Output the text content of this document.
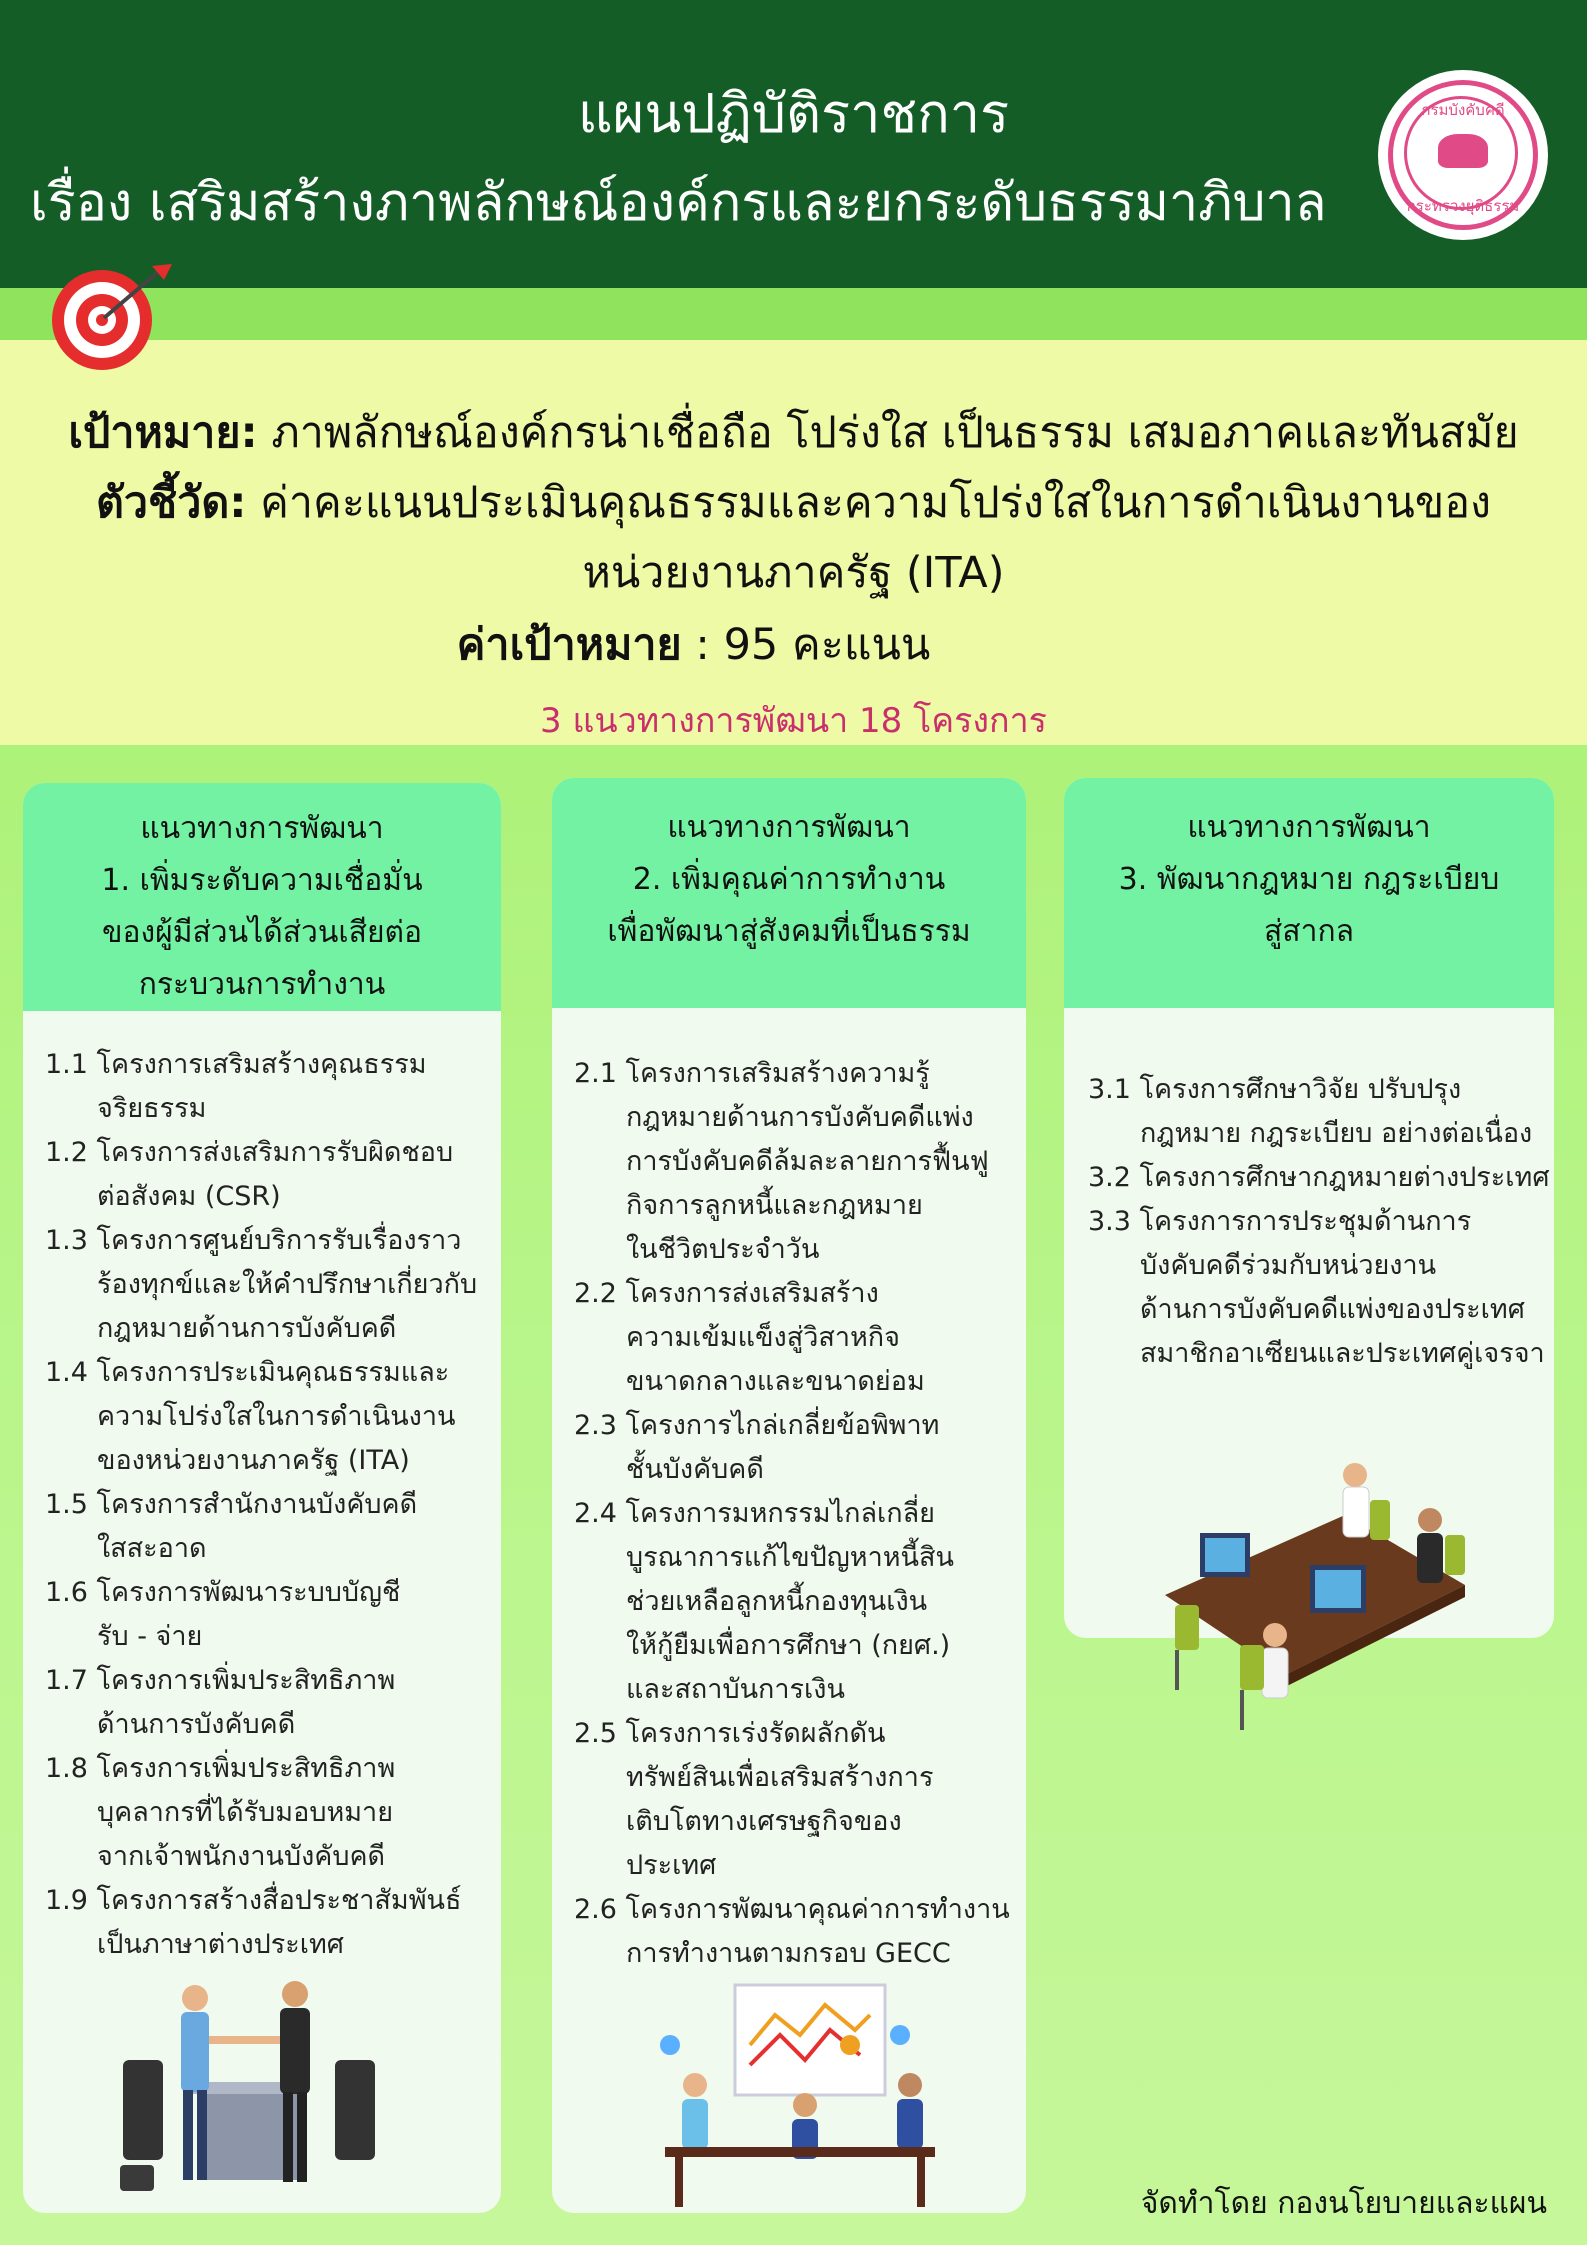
แผนปฏิบัติราชการ
เรื่อง เสริมสร้างภาพลักษณ์องค์กรและยกระดับธรรมาภิบาล
กรมบังคับคดี
กระทรวงยุติธรรม
เป้าหมาย: ภาพลักษณ์องค์กรน่าเชื่อถือ โปร่งใส เป็นธรรม เสมอภาคและทันสมัย
ตัวชี้วัด: ค่าคะแนนประเมินคุณธรรมและความโปร่งใสในการดำเนินงานของ
หน่วยงานภาครัฐ (ITA)
ค่าเป้าหมาย : 95 คะแนน
3 แนวทางการพัฒนา 18 โครงการ
แนวทางการพัฒนา
1. เพิ่มระดับความเชื่อมั่น
ของผู้มีส่วนได้ส่วนเสียต่อ
กระบวนการทำงาน
1.1 โครงการเสริมสร้างคุณธรรม
จริยธรรม
1.2 โครงการส่งเสริมการรับผิดชอบ
ต่อสังคม (CSR)
1.3 โครงการศูนย์บริการรับเรื่องราว
ร้องทุกข์และให้คำปรึกษาเกี่ยวกับ
กฎหมายด้านการบังคับคดี
1.4 โครงการประเมินคุณธรรมและ
ความโปร่งใสในการดำเนินงาน
ของหน่วยงานภาครัฐ (ITA)
1.5 โครงการสำนักงานบังคับคดี
ใสสะอาด
1.6 โครงการพัฒนาระบบบัญชี
รับ - จ่าย
1.7 โครงการเพิ่มประสิทธิภาพ
ด้านการบังคับคดี
1.8 โครงการเพิ่มประสิทธิภาพ
บุคลากรที่ได้รับมอบหมาย
จากเจ้าพนักงานบังคับคดี
1.9 โครงการสร้างสื่อประชาสัมพันธ์
เป็นภาษาต่างประเทศ
แนวทางการพัฒนา
2. เพิ่มคุณค่าการทำงาน
เพื่อพัฒนาสู่สังคมที่เป็นธรรม
2.1 โครงการเสริมสร้างความรู้
กฎหมายด้านการบังคับคดีแพ่ง
การบังคับคดีล้มละลายการฟื้นฟู
กิจการลูกหนี้และกฎหมาย
ในชีวิตประจำวัน
2.2 โครงการส่งเสริมสร้าง
ความเข้มแข็งสู่วิสาหกิจ
ขนาดกลางและขนาดย่อม
2.3 โครงการไกล่เกลี่ยข้อพิพาท
ชั้นบังคับคดี
2.4 โครงการมหกรรมไกล่เกลี่ย
บูรณาการแก้ไขปัญหาหนี้สิน
ช่วยเหลือลูกหนี้กองทุนเงิน
ให้กู้ยืมเพื่อการศึกษา (กยศ.)
และสถาบันการเงิน
2.5 โครงการเร่งรัดผลักดัน
ทรัพย์สินเพื่อเสริมสร้างการ
เติบโตทางเศรษฐกิจของ
ประเทศ
2.6 โครงการพัฒนาคุณค่าการทำงาน
การทำงานตามกรอบ GECC
แนวทางการพัฒนา
3. พัฒนากฎหมาย กฎระเบียบ
สู่สากล
3.1 โครงการศึกษาวิจัย ปรับปรุง
กฎหมาย กฎระเบียบ อย่างต่อเนื่อง
3.2 โครงการศึกษากฎหมายต่างประเทศ
3.3 โครงการการประชุมด้านการ
บังคับคดีร่วมกับหน่วยงาน
ด้านการบังคับคดีแพ่งของประเทศ
สมาชิกอาเซียนและประเทศคู่เจรจา
จัดทำโดย กองนโยบายและแผน
